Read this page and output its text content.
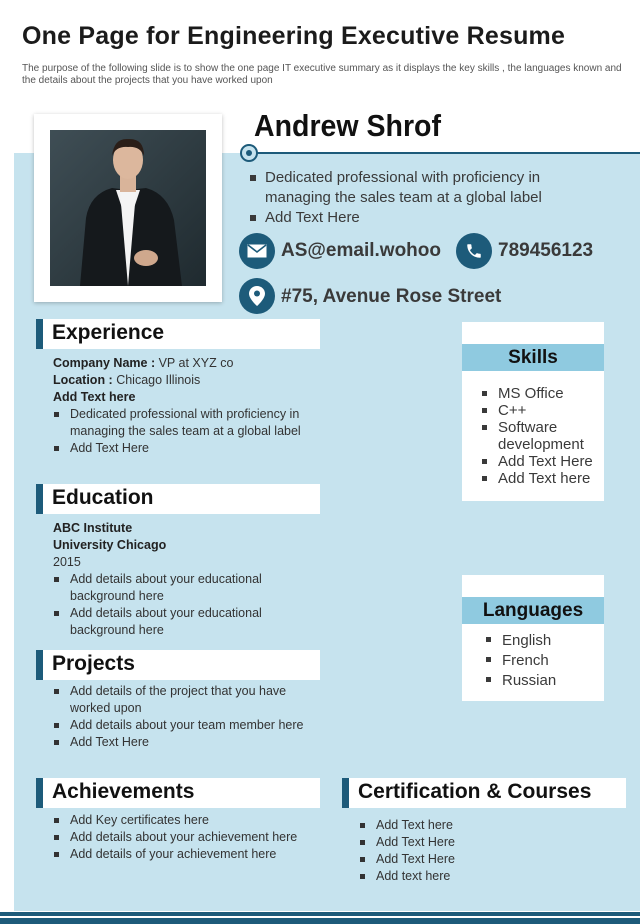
One Page for Engineering Executive Resume
The purpose of the following slide is to show the one page IT executive summary as it displays the key skills , the languages known and the details about the projects that you have worked upon
Andrew Shrof
Dedicated professional with proficiency in managing the sales team at a global label
Add Text Here
AS@email.wohoo	789456123
#75, Avenue Rose Street
Experience
Company Name : VP at XYZ co
Location : Chicago Illinois
Add Text here
Dedicated professional with proficiency in managing the sales team at a global label
Add Text Here
Education
ABC Institute
University Chicago
2015
Add details about your educational background here
Add details about your educational background here
Projects
Add details of the project that you have worked upon
Add details about your team member here
Add Text Here
Achievements
Add Key certificates here
Add details about your achievement here
Add details of your achievement here
Certification & Courses
Add Text here
Add Text Here
Add Text Here
Add text here
Skills
MS Office
C++
Software development
Add Text Here
Add Text here
Languages
English
French
Russian
